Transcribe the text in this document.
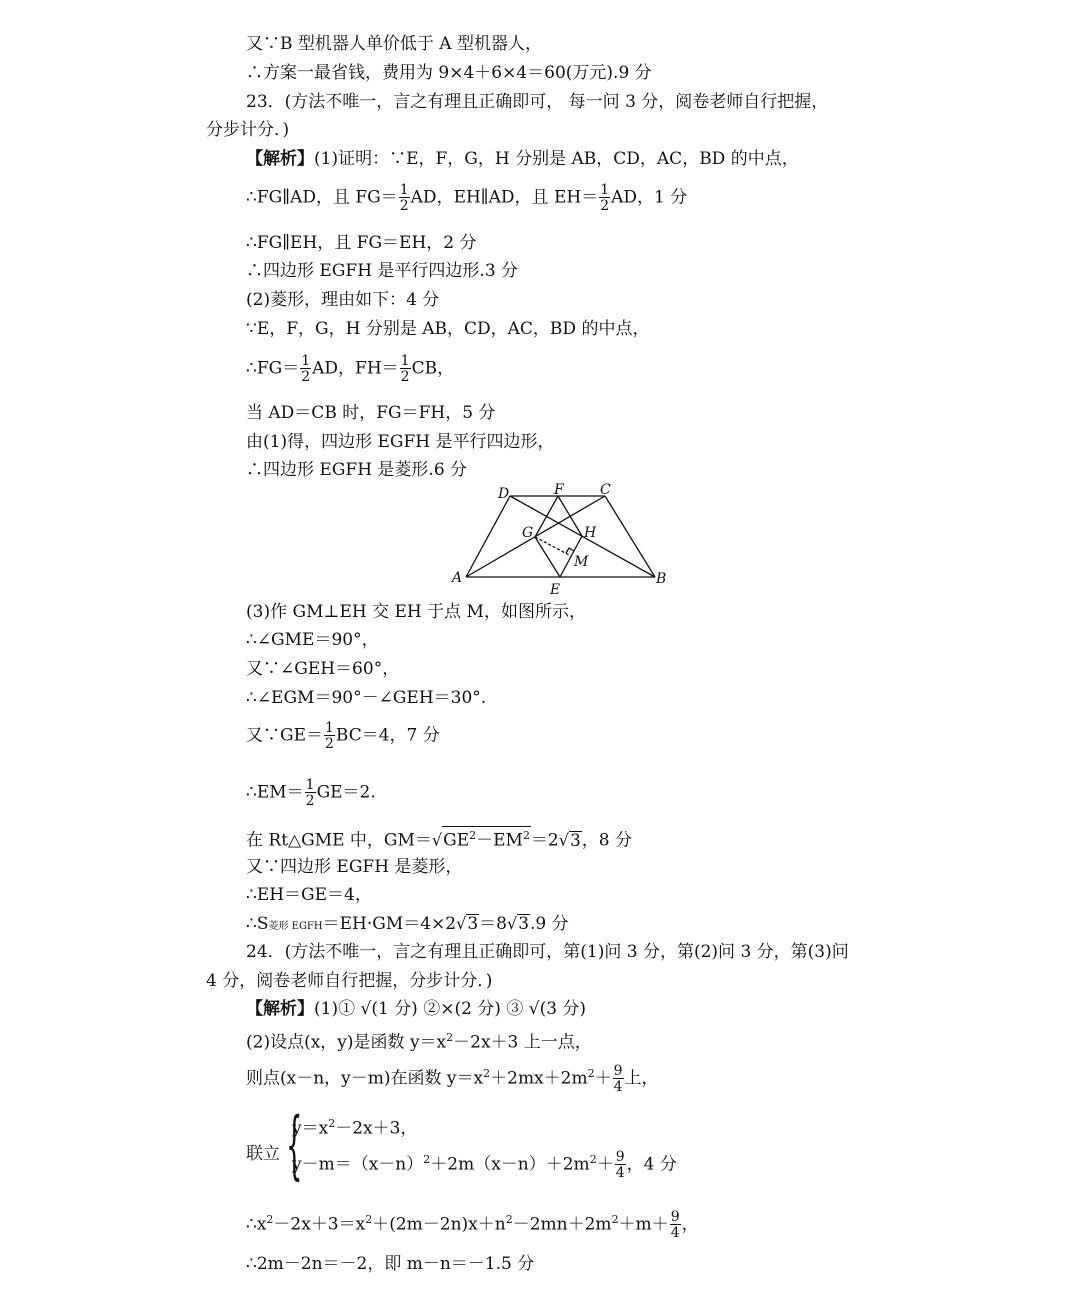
又∵B 型机器人单价低于 A 型机器人，
∴方案一最省钱，费用为 9×4＋6×4＝60(万元).9 分
23．(方法不唯一，言之有理且正确即可， 每一问 3 分，阅卷老师自行把握，
分步计分．)
【解析】(1)证明：∵E，F，G，H 分别是 AB，CD，AC，BD 的中点，
∴FG∥AD，且 $FG= \frac{1}{2}$ AD，EH∥AD，且 $EH= \frac{1}{2}$ AD，1 分
∴FG∥EH，且 FG＝EH，2 分
∴四边形 EGFH 是平行四边形.3 分
(2)菱形，理由如下：4 分
∵E，F，G，H 分别是 AB，CD，AC，BD 的中点，
∴FG＝ $\frac{1}{2}$ AD，$FH= \frac{1}{2}$ CB，
当 AD＝CB 时，FG＝FH，5 分
由(1)得，四边形 EGFH 是平行四边形，
∴四边形 EGFH 是菱形.6 分
D	F	C
G	H
M
A
E
B
(3)作 GM⊥EH 交 EH 于点 M，如图所示，
∴∠GME＝90°，
又∵∠GEH＝60°，
∴∠EGM＝90°－∠GEH＝30°.
又∵GE＝ $\frac{1}{2} BC=4$，7 分
∴EM＝ $\frac{1}{2} GE=2$.
在 Rt△GME 中，$GM=√GE^2-EM^2=2√3$，8 分
又∵四边形 EGFH 是菱形，
∴EH＝GE＝4，
∴S菱形 EGFH＝EH·GM＝4×2√3＝8√3.9 分
24．(方法不唯一，言之有理且正确即可，第(1)问 3 分，第(2)问 3 分，第(3)问
4 分，阅卷老师自行把握，分步计分．)
【解析】(1)① √(1 分) ②×(2 分) ③ √(3 分)
(2)设点(x，y)是函数 $y=x^2-2x+3$ 上一点，
则点(x－n，y－m)在函数 $y=x^2+2mx+2m^2+ \frac{9}{4}$ 上，
联立 {
$y=x^2-2x+3$，
$y-m=(x-n)^2+2m(x-n)+2m^2+ \frac{9}{4}$ ，4 分
$\therefore x^2-2x+3=x^2+(2m-2n)x+n^2-2mn+2m^2+m+ \frac{9}{4}$ ，
∴2m－2n＝－2，即 m－n＝－1.5 分
